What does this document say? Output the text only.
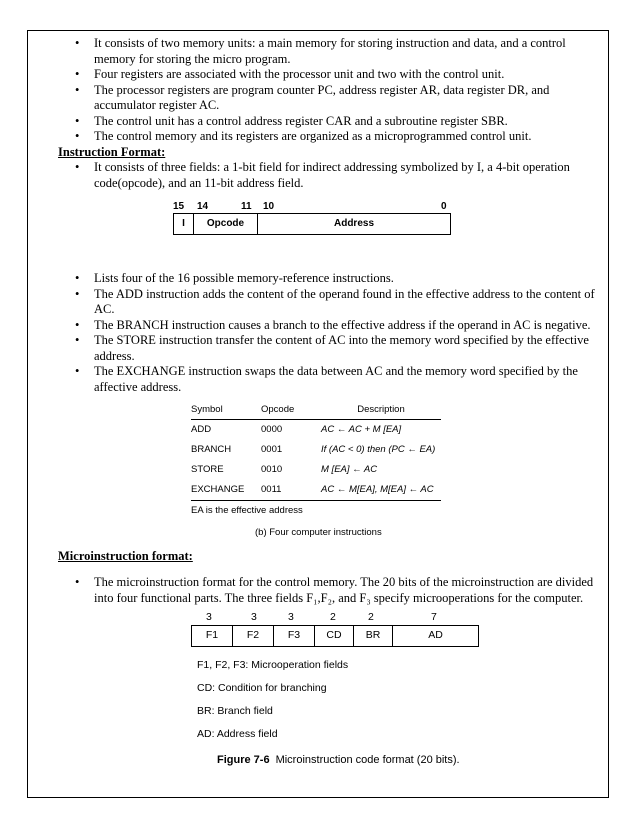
• It consists of two memory units: a main memory for storing instruction and data, and a control memory for storing the micro program.
• Four registers are associated with the processor unit and two with the control unit.
• The processor registers are program counter PC, address register AR, data register DR, and accumulator register AC.
• The control unit has a control address register CAR and a subroutine register SBR.
• The control memory and its registers are organized as a microprogrammed control unit.
Instruction Format:
• It consists of three fields: a 1-bit field for indirect addressing symbolized by I, a 4-bit operation code(opcode), and an 11-bit address field.
15 14	11 10	0
I	Opcode	Address
• Lists four of the 16 possible memory-reference instructions.
• The ADD instruction adds the content of the operand found in the effective address to the content of AC.
• The BRANCH instruction causes a branch to the effective address if the operand in AC is negative.
• The STORE instruction transfer the content of AC into the memory word specified by the effective address.
• The EXCHANGE instruction swaps the data between AC and the memory word specified by the affective address.
Symbol	Opcode	Description
ADD	0000	AC ← AC + M [EA]
BRANCH	0001	If (AC < 0) then (PC ← EA)
STORE	0010	M [EA] ← AC
EXCHANGE	0011	AC ← M[EA], M[EA] ← AC
EA is the effective address
(b) Four computer instructions
Microinstruction format:
• The microinstruction format for the control memory. The 20 bits of the microinstruction are divided into four functional parts. The three fields F₁,F₂, and F₃ specify microoperations for the computer.
3	3	3	2	2	7
F1	F2	F3	CD	BR	AD
F1, F2, F3: Microoperation fields
CD: Condition for branching
BR: Branch field
AD: Address field
Figure 7-6 Microinstruction code format (20 bits).
